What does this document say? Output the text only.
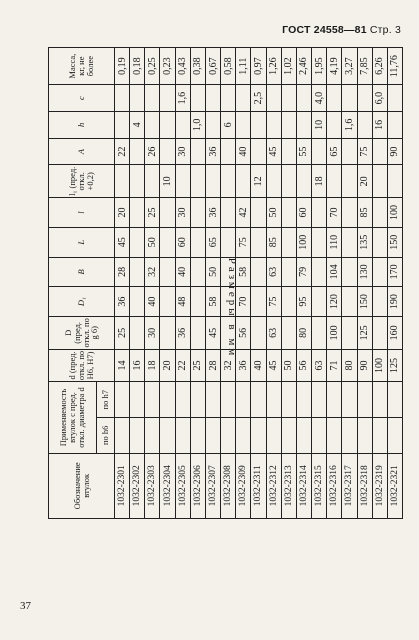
ГОСТ 24558—81 Стр. 3
Размеры в мм
Обозначение втулок	Применяемость втулок с пред. откл. диаметра d		d (пред. откл. по H6, H7)	D (пред. откл. по g 6)	D₁	B	L	l	l₁ (пред. откл. +0,2)	A	h	c	Масса, кг, не более
	по h6	по h7											
1032-2301			14	25	36	28	45	20		22			0,19
1032-2302			16								4		0,18
1032-2303			18	30	40	32	50	25		26			0,25
1032-2304			20						10				0,23
1032-2305			22	36	48	40	60	30		30		1,6	0,43
1032-2306			25								1,0		0,38
1032-2307			28	45	58	50	65	36		36			0,67
1032-2308			32								6		0,58
1032-2309			36	56	70	58	75	42		40			1,11
1032-2311			40						12			2,5	0,97
1032-2312			45	63	75	63	85	50		45			1,26
1032-2313			50										1,02
1032-2314			56	80	95	79	100	60		55			2,46
1032-2315			63						18		10	4,0	1,95
1032-2316			71	100	120	104	110	70		65			4,19
1032-2317			80								1,6		3,27
1032-2318			90	125	150	130	135	85	20	75			7,85
1032-2319			100								16	6,0	6,26
1032-2321			125	160	190	170	150	100		90			11,76
37
